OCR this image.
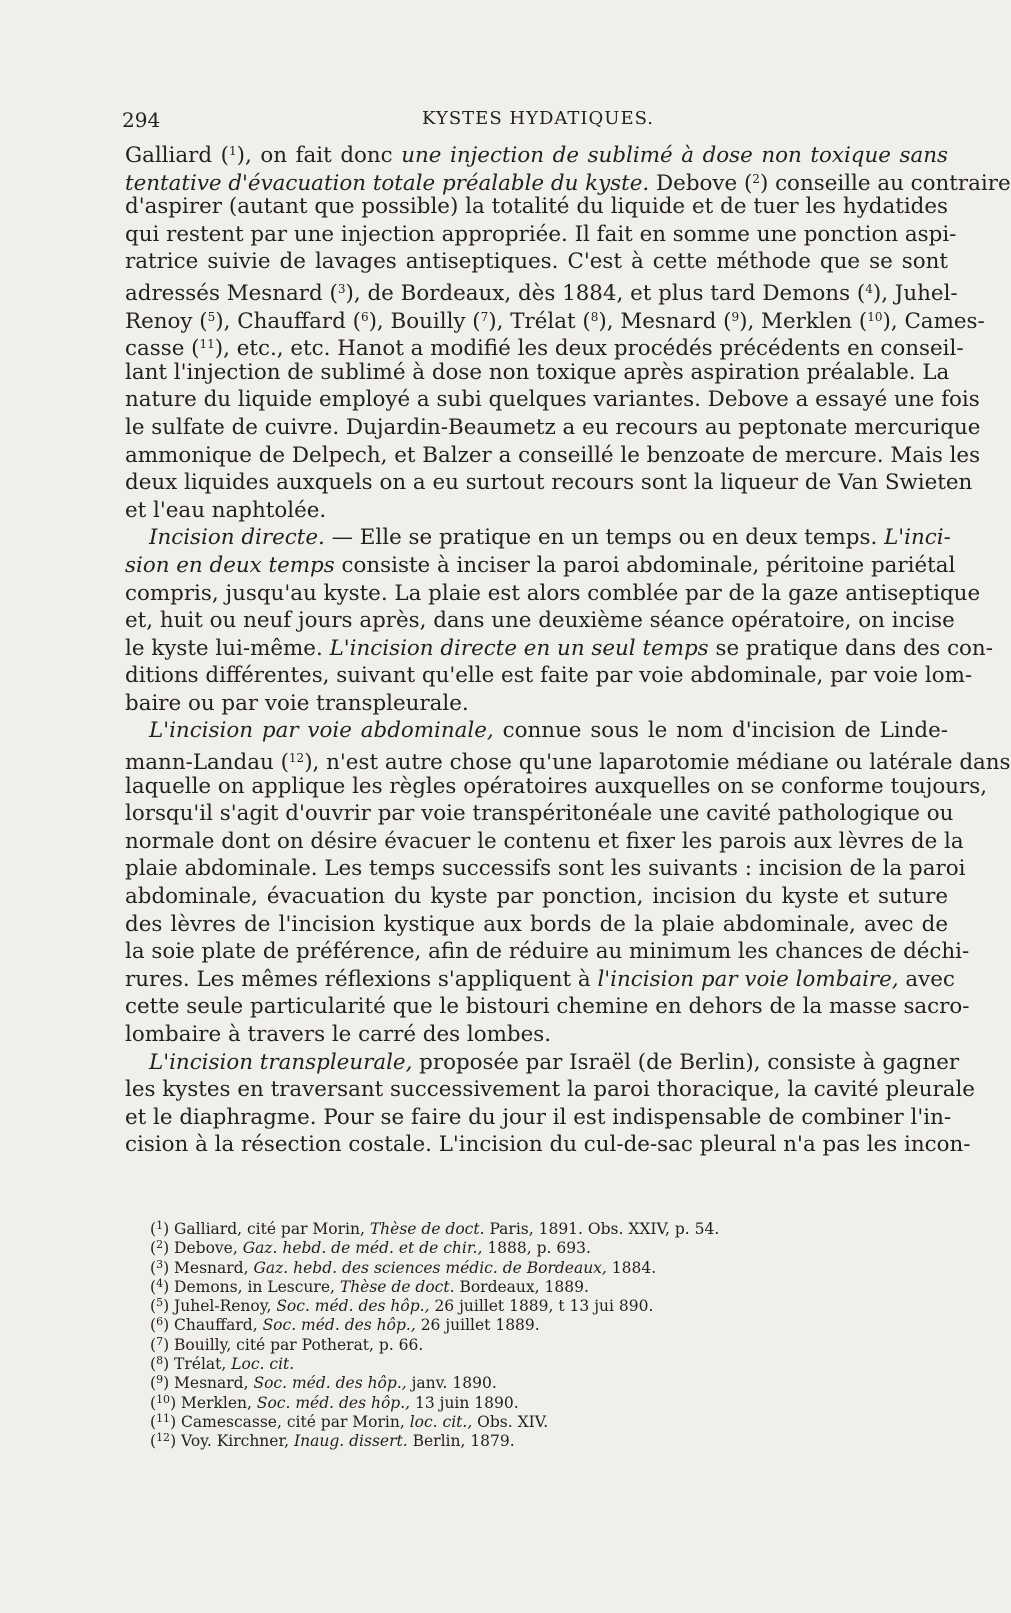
294	KYSTES HYDATIQUES.
Galliard ($^1$), on fait donc une injection de sublimé à dose non toxique sans
tentative d'évacuation totale préalable du kyste. Debove ($^2$) conseille au contraire
d'aspirer (autant que possible) la totalité du liquide et de tuer les hydatides
qui restent par une injection appropriée. Il fait en somme une ponction aspi-
ratrice suivie de lavages antiseptiques. C'est à cette méthode que se sont
adressés Mesnard ($^3$), de Bordeaux, dès 1884, et plus tard Demons ($^4$), Juhel-
Renoy ($^5$), Chauffard ($^6$), Bouilly ($^7$), Trélat ($^8$), Mesnard ($^9$), Merklen ($^{10}$), Cames-
casse ($^{11}$), etc., etc. Hanot a modifié les deux procédés précédents en conseil-
lant l'injection de sublimé à dose non toxique après aspiration préalable. La
nature du liquide employé a subi quelques variantes. Debove a essayé une fois
le sulfate de cuivre. Dujardin-Beaumetz a eu recours au peptonate mercurique
ammonique de Delpech, et Balzer a conseillé le benzoate de mercure. Mais les
deux liquides auxquels on a eu surtout recours sont la liqueur de Van Swieten
et l'eau naphtolée.
Incision directe. — Elle se pratique en un temps ou en deux temps. L'inci-
sion en deux temps consiste à inciser la paroi abdominale, péritoine pariétal
compris, jusqu'au kyste. La plaie est alors comblée par de la gaze antiseptique
et, huit ou neuf jours après, dans une deuxième séance opératoire, on incise
le kyste lui-même. L'incision directe en un seul temps se pratique dans des con-
ditions différentes, suivant qu'elle est faite par voie abdominale, par voie lom-
baire ou par voie transpleurale.
L'incision par voie abdominale, connue sous le nom d'incision de Linde-
mann-Landau ($^{12}$), n'est autre chose qu'une laparotomie médiane ou latérale dans
laquelle on applique les règles opératoires auxquelles on se conforme toujours,
lorsqu'il s'agit d'ouvrir par voie transpéritonéale une cavité pathologique ou
normale dont on désire évacuer le contenu et fixer les parois aux lèvres de la
plaie abdominale. Les temps successifs sont les suivants : incision de la paroi
abdominale, évacuation du kyste par ponction, incision du kyste et suture
des lèvres de l'incision kystique aux bords de la plaie abdominale, avec de
la soie plate de préférence, afin de réduire au minimum les chances de déchi-
rures. Les mêmes réflexions s'appliquent à l'incision par voie lombaire, avec
cette seule particularité que le bistouri chemine en dehors de la masse sacro-
lombaire à travers le carré des lombes.
L'incision transpleurale, proposée par Israël (de Berlin), consiste à gagner
les kystes en traversant successivement la paroi thoracique, la cavité pleurale
et le diaphragme. Pour se faire du jour il est indispensable de combiner l'in-
cision à la résection costale. L'incision du cul-de-sac pleural n'a pas les incon-
($^1$) Galliard, cité par Morin, Thèse de doct. Paris, 1891. Obs. XXIV, p. 54.
($^2$) Debove, Gaz. hebd. de méd. et de chir., 1888, p. 693.
($^3$) Mesnard, Gaz. hebd. des sciences médic. de Bordeaux, 1884.
($^4$) Demons, in Lescure, Thèse de doct. Bordeaux, 1889.
($^5$) Juhel-Renoy, Soc. méd. des hôp., 26 juillet 1889, t 13 jui 890.
($^6$) Chauffard, Soc. méd. des hôp., 26 juillet 1889.
($^7$) Bouilly, cité par Potherat, p. 66.
($^8$) Trélat, Loc. cit.
($^9$) Mesnard, Soc. méd. des hôp., janv. 1890.
($^{10}$) Merklen, Soc. méd. des hôp., 13 juin 1890.
($^{11}$) Camescasse, cité par Morin, loc. cit., Obs. XIV.
($^{12}$) Voy. Kirchner, Inaug. dissert. Berlin, 1879.
